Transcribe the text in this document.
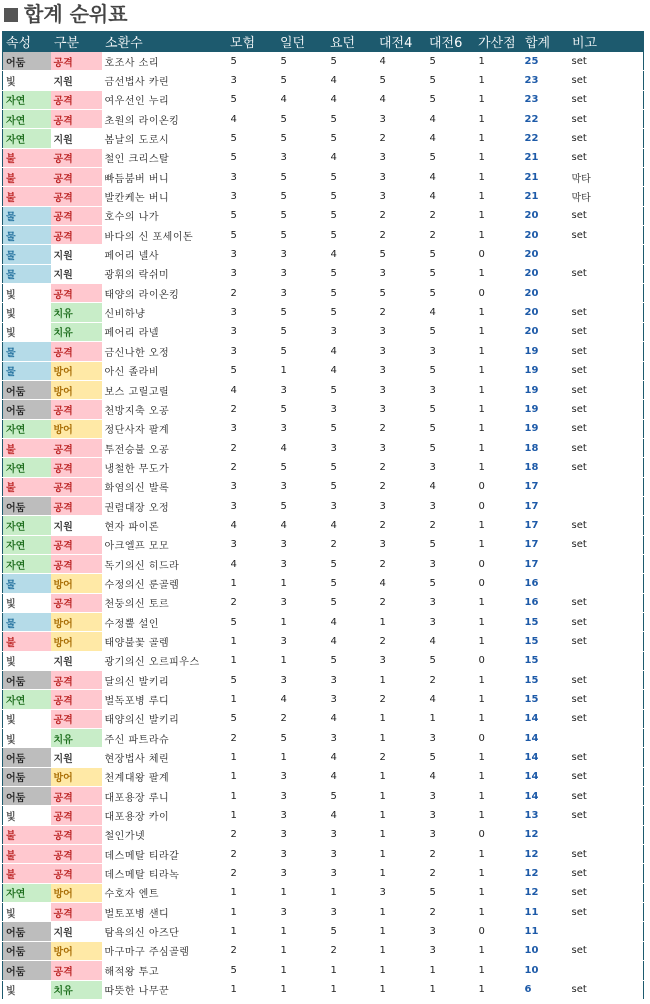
합계 순위표
속성	구분	소환수	모험	일던	요던	대전4	대전6	가산점	합계	비고
어둠	공격	호조사 소리	5	5	5	4	5	1	25	set
빛	지원	금선법사 카린	3	5	4	5	5	1	23	set
자연	공격	여우선인 누리	5	4	4	4	5	1	23	set
자연	공격	초원의 라이온킹	4	5	5	3	4	1	22	set
자연	지원	봄날의 도로시	5	5	5	2	4	1	22	set
불	공격	철인 크리스탈	5	3	4	3	5	1	21	set
불	공격	빠듬붐버 버니	3	5	5	3	4	1	21	막타
불	공격	발칸케논 버니	3	5	5	3	4	1	21	막타
물	공격	호수의 나가	5	5	5	2	2	1	20	set
물	공격	바다의 신 포세이돈	5	5	5	2	2	1	20	set
물	지원	페어리 넬사	3	3	4	5	5	0	20	
물	지원	광휘의 락쉬미	3	3	5	3	5	1	20	set
빛	공격	태양의 라이온킹	2	3	5	5	5	0	20	
빛	치유	신비하냥	3	5	5	2	4	1	20	set
빛	치유	페어리 라넬	3	5	3	3	5	1	20	set
물	공격	금신나한 오정	3	5	4	3	3	1	19	set
물	방어	아신 졸라비	5	1	4	3	5	1	19	set
어둠	방어	보스 고릴고릴	4	3	5	3	3	1	19	set
어둠	공격	천방지축 오공	2	5	3	3	5	1	19	set
자연	방어	정단사자 팔계	3	3	5	2	5	1	19	set
불	공격	투전승불 오공	2	4	3	3	5	1	18	set
자연	공격	냉철한 무도가	2	5	5	2	3	1	18	set
불	공격	화염의신 발록	3	3	5	2	4	0	17	
어둠	공격	권렴대장 오정	3	5	3	3	3	0	17	
자연	지원	현자 파이론	4	4	4	2	2	1	17	set
자연	공격	아크엘프 모모	3	3	2	3	5	1	17	set
자연	공격	독기의신 히드라	4	3	5	2	3	0	17	
물	방어	수정의신 룬골렘	1	1	5	4	5	0	16	
빛	공격	천둥의신 토르	2	3	5	2	3	1	16	set
물	방어	수정뿔 설인	5	1	4	1	3	1	15	set
불	방어	태양불꽃 골렘	1	3	4	2	4	1	15	set
빛	지원	광기의신 오르피우스	1	1	5	3	5	0	15	
어둠	공격	달의신 발키리	5	3	3	1	2	1	15	set
자연	공격	벌독포병 루디	1	4	3	2	4	1	15	set
빛	공격	태양의신 발키리	5	2	4	1	1	1	14	set
빛	치유	주신 파트라슈	2	5	3	1	3	0	14	
어둠	지원	현장법사 체린	1	1	4	2	5	1	14	set
어둠	방어	천계대왕 팔계	1	3	4	1	4	1	14	set
어둠	공격	대포용장 루니	1	3	5	1	3	1	14	set
빛	공격	대포용장 카이	1	3	4	1	3	1	13	set
불	공격	철인가넷	2	3	3	1	3	0	12	
불	공격	데스메탈 티라갈	2	3	3	1	2	1	12	set
불	공격	데스메탈 티라녹	2	3	3	1	2	1	12	set
자연	방어	수호자 엔트	1	1	1	3	5	1	12	set
빛	공격	벌토포병 샌디	1	3	3	1	2	1	11	set
어둠	지원	탐욕의신 아즈단	1	1	5	1	3	0	11	
어둠	방어	마구마구 주심골렘	2	1	2	1	3	1	10	set
어둠	공격	해적왕 투고	5	1	1	1	1	1	10	
빛	치유	따뜻한 나무꾼	1	1	1	1	1	1	6	set
